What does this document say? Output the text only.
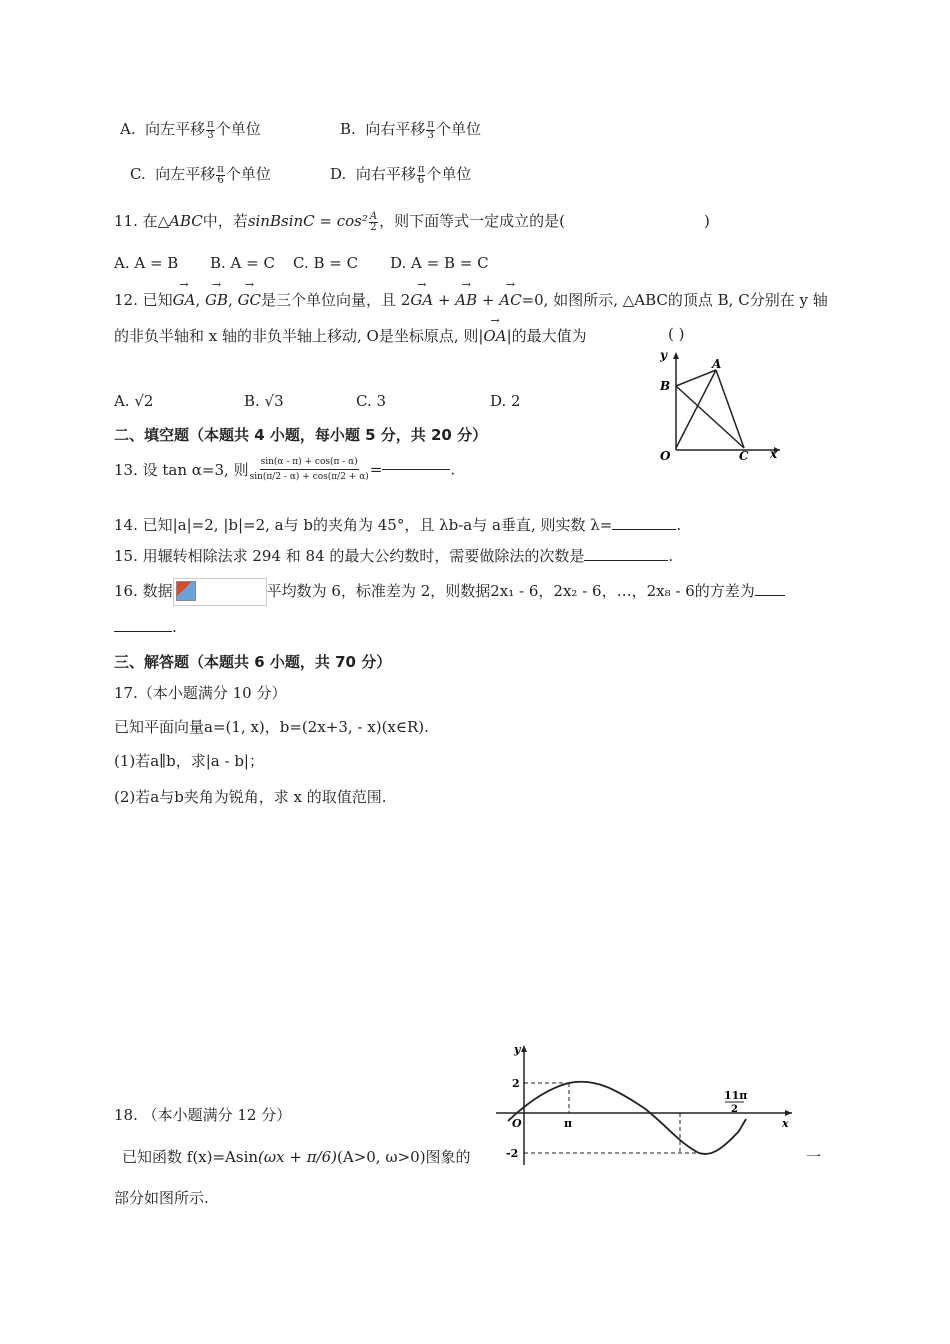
A. 向左平移 $\frac{\pi}{3}$ 个单位	B. 向右平移 $\frac{\pi}{3}$ 个单位
C. 向左平移 $\frac{\pi}{6}$ 个单位	D. 向右平移 $\frac{\pi}{6}$ 个单位
11. 在△ABC中，若sinBsinC = $\cos^2 \frac{A}{2}$ ，则下面等式一定成立的是(	)
A. A = B B. A = C C. B = C D. A = B = C
12. 已知→ GA, → GB, → GC是三个单位向量，且 2→ GA + → AB + → AC=0, 如图所示, △ABC的顶点 B, C分别在 y 轴
的非负半轴和 x 轴的非负半轴上移动, O是坐标原点, 则|→ OA|的最大值为	( )
A. √2	B. √3	C. 3	D. 2
y
x
A
B
C
O
二、填空题（本题共 4 小题，每小题 5 分，共 20 分）
13. 设 tan α=3, 则 $\frac{\sin(\alpha - \pi) + \cos(\pi - \alpha)}{\sin(\pi/2 - \alpha) + \cos(\pi/2 + \alpha)}$ =	.
14. 已知|a|=2, |b|=2, a与 b的夹角为 45°，且 λb-a与 a垂直, 则实数 λ=	.
15. 用辗转相除法求 294 和 84 的最大公约数时，需要做除法的次数是	.
16. 数据	平均数为 6，标准差为 2，则数据2x₁ - 6，2x₂ - 6，…，2x₈ - 6的方差为
.
三、解答题（本题共 6 小题，共 70 分）
17.（本小题满分 10 分）
已知平面向量a=(1, x)，b=(2x+3, - x)(x∈R).
(1)若a∥b，求|a - b|；
(2)若a与b夹角为锐角，求 x 的取值范围.
18. （本小题满分 12 分）
已知函数 f(x)=Asin(ωx + π/6)(A>0, ω>0)图象的	一
部分如图所示.
y
x
O
2
-2
π
11π
2
